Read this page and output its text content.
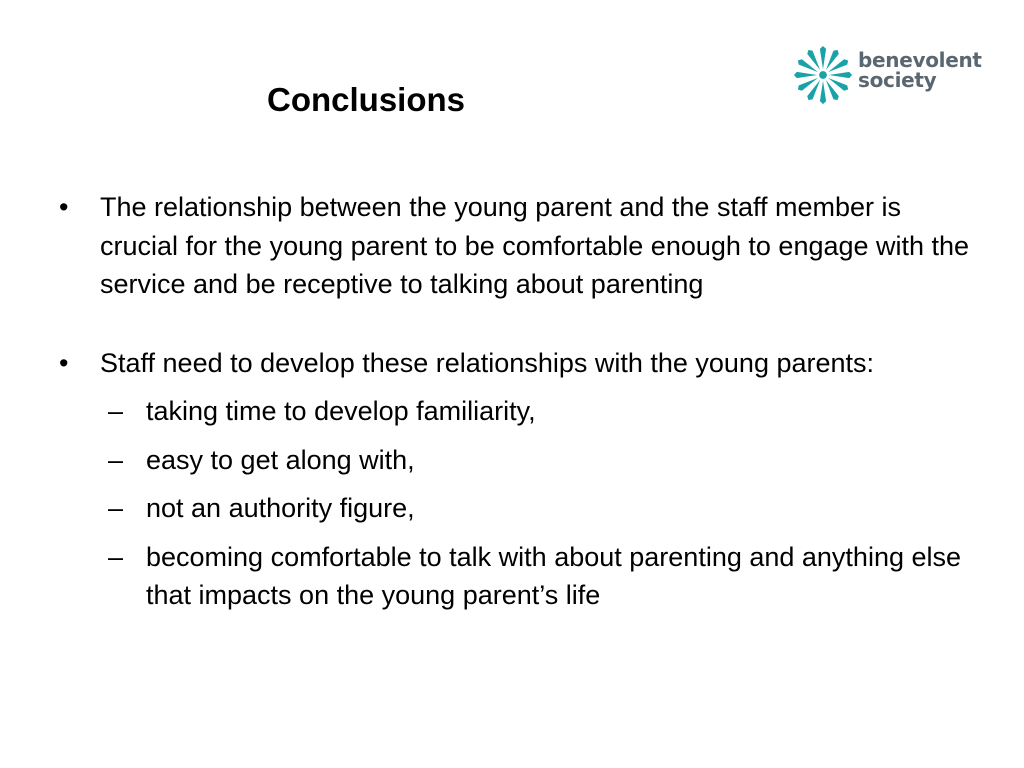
Conclusions
benevolent
society
• The relationship between the young parent and the staff member is crucial for the young parent to be comfortable enough to engage with the service and be receptive to talking about parenting
• Staff need to develop these relationships with the young parents:
– taking time to develop familiarity,
– easy to get along with,
– not an authority figure,
– becoming comfortable to talk with about parenting and anything else that impacts on the young parent’s life
